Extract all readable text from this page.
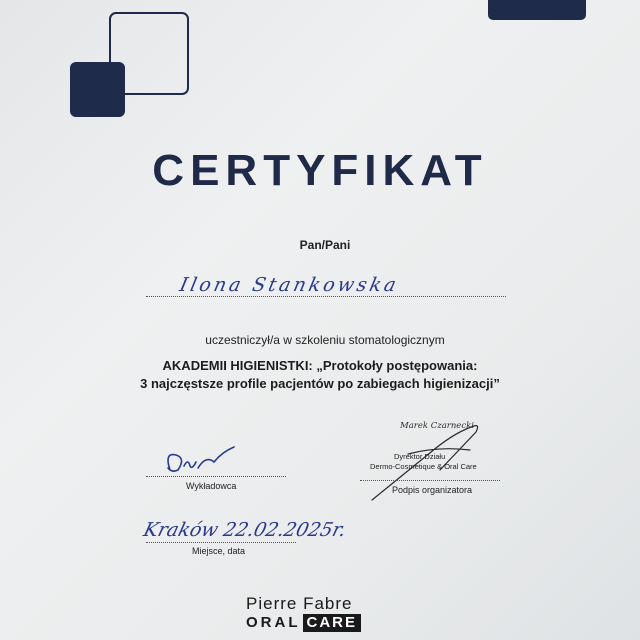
CERTYFIKAT
Pan/Pani
Ilona Stankowska
uczestniczył/a w szkoleniu stomatologicznym
AKADEMII HIGIENISTKI: „Protokoły postępowania:
3 najczęstsze profile pacjentów po zabiegach higienizacji”
Marek Czarnecki
Dyrektor Działu
Dermo-Cosmetique & Oral Care
Wykładowca	Podpis organizatora
Kraków 22.02.2025r.
Miejsce, data
Pierre Fabre
ORAL CARE
